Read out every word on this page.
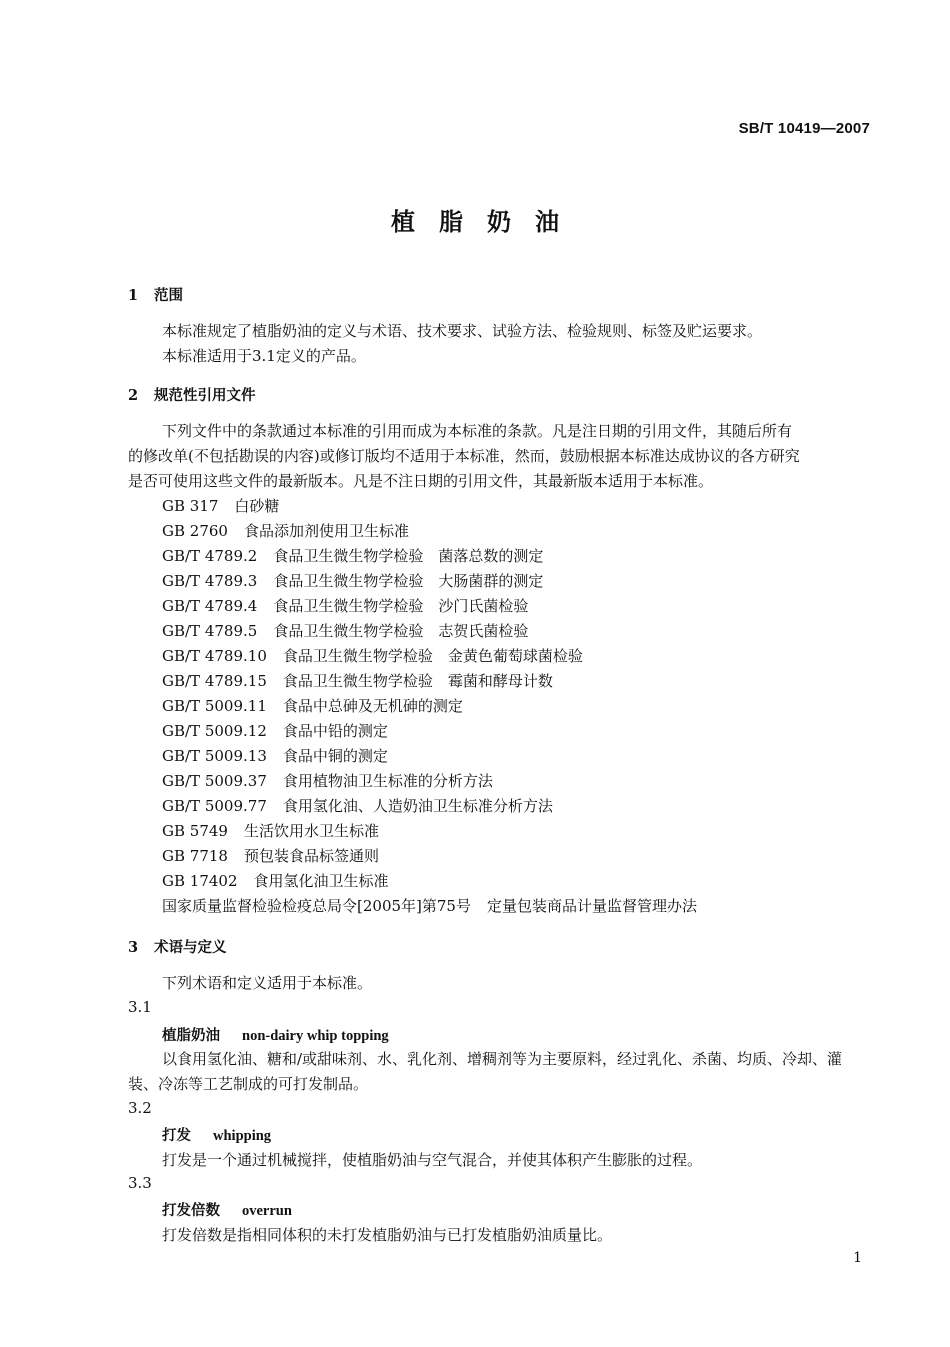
SB/T 10419—2007
植脂奶油
1 范围
本标准规定了植脂奶油的定义与术语、技术要求、试验方法、检验规则、标签及贮运要求。
本标准适用于3.1定义的产品。
2 规范性引用文件
下列文件中的条款通过本标准的引用而成为本标准的条款。凡是注日期的引用文件，其随后所有
的修改单(不包括勘误的内容)或修订版均不适用于本标准，然而，鼓励根据本标准达成协议的各方研究
是否可使用这些文件的最新版本。凡是不注日期的引用文件，其最新版本适用于本标准。
GB 317 白砂糖
GB 2760 食品添加剂使用卫生标准
GB/T 4789.2 食品卫生微生物学检验　菌落总数的测定
GB/T 4789.3 食品卫生微生物学检验　大肠菌群的测定
GB/T 4789.4 食品卫生微生物学检验　沙门氏菌检验
GB/T 4789.5 食品卫生微生物学检验　志贺氏菌检验
GB/T 4789.10 食品卫生微生物学检验　金黄色葡萄球菌检验
GB/T 4789.15 食品卫生微生物学检验　霉菌和酵母计数
GB/T 5009.11 食品中总砷及无机砷的测定
GB/T 5009.12 食品中铅的测定
GB/T 5009.13 食品中铜的测定
GB/T 5009.37 食用植物油卫生标准的分析方法
GB/T 5009.77 食用氢化油、人造奶油卫生标准分析方法
GB 5749 生活饮用水卫生标准
GB 7718 预包装食品标签通则
GB 17402 食用氢化油卫生标准
国家质量监督检验检疫总局令[2005年]第75号 定量包装商品计量监督管理办法
3 术语与定义
下列术语和定义适用于本标准。
3.1
植脂奶油 non-dairy whip topping
以食用氢化油、糖和/或甜味剂、水、乳化剂、增稠剂等为主要原料，经过乳化、杀菌、均质、冷却、灌
装、冷冻等工艺制成的可打发制品。
3.2
打发 whipping
打发是一个通过机械搅拌，使植脂奶油与空气混合，并使其体积产生膨胀的过程。
3.3
打发倍数 overrun
打发倍数是指相同体积的未打发植脂奶油与已打发植脂奶油质量比。
1
